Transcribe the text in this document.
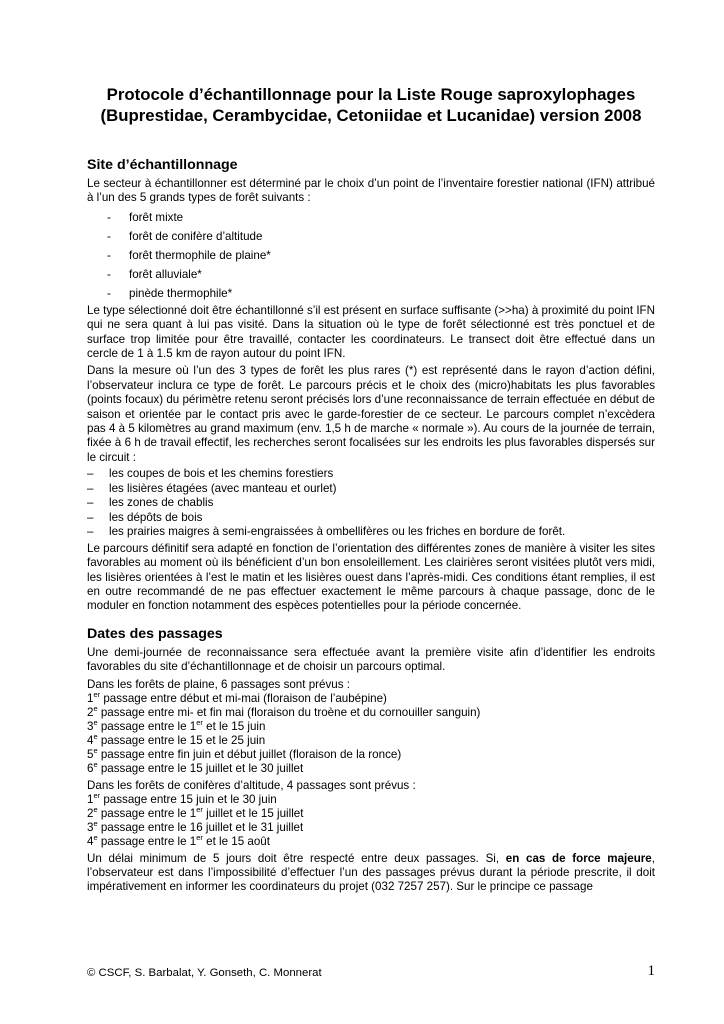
Protocole d’échantillonnage pour la Liste Rouge saproxylophages (Buprestidae, Cerambycidae, Cetoniidae et Lucanidae) version 2008
Site d’échantillonnage

Le secteur à échantillonner est déterminé par le choix d’un point de l’inventaire forestier national (IFN) attribué à l’un des 5 grands types de forêt suivants :

- forêt mixte
- forêt de conifère d’altitude
- forêt thermophile de plaine*
- forêt alluviale*
- pinède thermophile*

Le type sélectionné doit être échantillonné s’il est présent en surface suffisante (>>ha) à proximité du point IFN qui ne sera quant à lui pas visité. Dans la situation où le type de forêt sélectionné est très ponctuel et de surface trop limitée pour être travaillé, contacter les coordinateurs. Le transect doit être effectué dans un cercle de 1 à 1.5 km de rayon autour du point IFN.

Dans la mesure où l’un des 3 types de forêt les plus rares (*) est représenté dans le rayon d’action défini, l’observateur inclura ce type de forêt. Le parcours précis et le choix des (micro)habitats les plus favorables (points focaux) du périmètre retenu seront précisés lors d’une reconnaissance de terrain effectuée en début de saison et orientée par le contact pris avec le garde-forestier de ce secteur. Le parcours complet n’excèdera pas 4 à 5 kilomètres au grand maximum (env. 1,5 h de marche « normale »). Au cours de la journée de terrain, fixée à 6 h de travail effectif, les recherches seront focalisées sur les endroits les plus favorables dispersés sur le circuit :

– les coupes de bois et les chemins forestiers
– les lisières étagées (avec manteau et ourlet)
– les zones de chablis
– les dépôts de bois
– les prairies maigres à semi-engraissées à ombellifères ou les friches en bordure de forêt.

Le parcours définitif sera adapté en fonction de l’orientation des différentes zones de manière à visiter les sites favorables au moment où ils bénéficient d’un bon ensoleillement. Les clairières seront visitées plutôt vers midi, les lisières orientées à l’est le matin et les lisières ouest dans l’après-midi. Ces conditions étant remplies, il est en outre recommandé de ne pas effectuer exactement le même parcours à chaque passage, donc de le moduler en fonction notamment des espèces potentielles pour la période concernée.

Dates des passages

Une demi-journée de reconnaissance sera effectuée avant la première visite afin d’identifier les endroits favorables du site d’échantillonnage et de choisir un parcours optimal.

Dans les forêts de plaine, 6 passages sont prévus :
1er passage entre début et mi-mai (floraison de l’aubépine)
2e passage entre mi- et fin mai (floraison du troène et du cornouiller sanguin)
3e passage entre le 1er et le 15 juin
4e passage entre le 15 et le 25 juin
5e passage entre fin juin et début juillet (floraison de la ronce)
6e passage entre le 15 juillet et le 30 juillet
Dans les forêts de conifères d’altitude, 4 passages sont prévus :
1er passage entre 15 juin et le 30 juin
2e passage entre le 1er juillet et le 15 juillet
3e passage entre le 16 juillet et le 31 juillet
4e passage entre le 1er et le 15 août

Un délai minimum de 5 jours doit être respecté entre deux passages. Si, en cas de force majeure, l’observateur est dans l’impossibilité d’effectuer l’un des passages prévus durant la période prescrite, il doit impérativement en informer les coordinateurs du projet (032 7257 257). Sur le principe ce passage

© CSCF, S. Barbalat, Y. Gonseth, C. Monnerat	1
